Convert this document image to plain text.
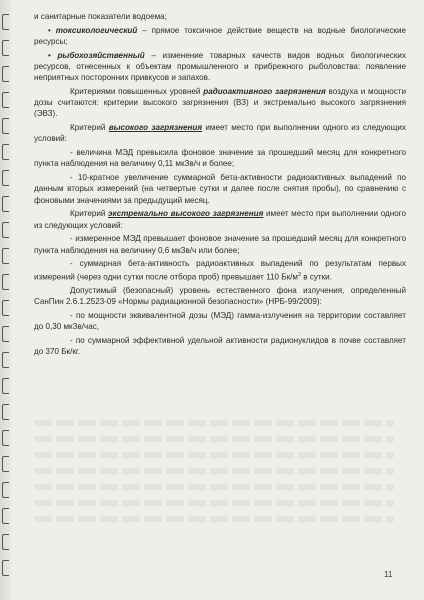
и санитарные показатели водоема;

• токсикологический – прямое токсичное действие веществ на водные биологические ресурсы;

• рыбохозяйственный – изменение товарных качеств видов водных биологических ресурсов, отнесенных к объектам промышленного и прибрежного рыболовства: появление неприятных посторонних привкусов и запахов.

Критериями повышенных уровней радиоактивного загрязнения воздуха и мощности дозы считаются: критерии высокого загрязнения (ВЗ) и экстремально высокого загрязнения (ЭВЗ).

Критерий высокого загрязнения имеет место при выполнении одного из следующих условий:

- величина МЭД превысила фоновое значение за прошедший месяц для конкретного пункта наблюдения на величину 0,11 мкЗв/ч и более;

- 10-кратное увеличение суммарной бета-активности радиоактивных выпадений по данным вторых измерений (на четвертые сутки и далее после снятия пробы), по сравнению с фоновыми значениями за предыдущий месяц.

Критерий экстремально высокого загрязнения имеет место при выполнении одного из следующих условий:

- измеренное МЭД превышает фоновое значение за прошедший месяц для конкретного пункта наблюдения на величину 0,6 мкЗв/ч или более;

- суммарная бета-активность радиоактивных выпадений по результатам первых измерений (через одни сутки после отбора проб) превышает 110 $Бк/м^2$ в сутки.

Допустимый (безопасный) уровень естественного фона излучения, определенный СанПин 2.6.1.2523-09 «Нормы радиационной безопасности» (НРБ-99/2009):

- по мощности эквивалентной дозы (МЭД) гамма-излучения на территории составляет до 0,30 мкЗв/час,

- по суммарной эффективной удельной активности радионуклидов в почве составляет до 370 Бк/кг.

11
